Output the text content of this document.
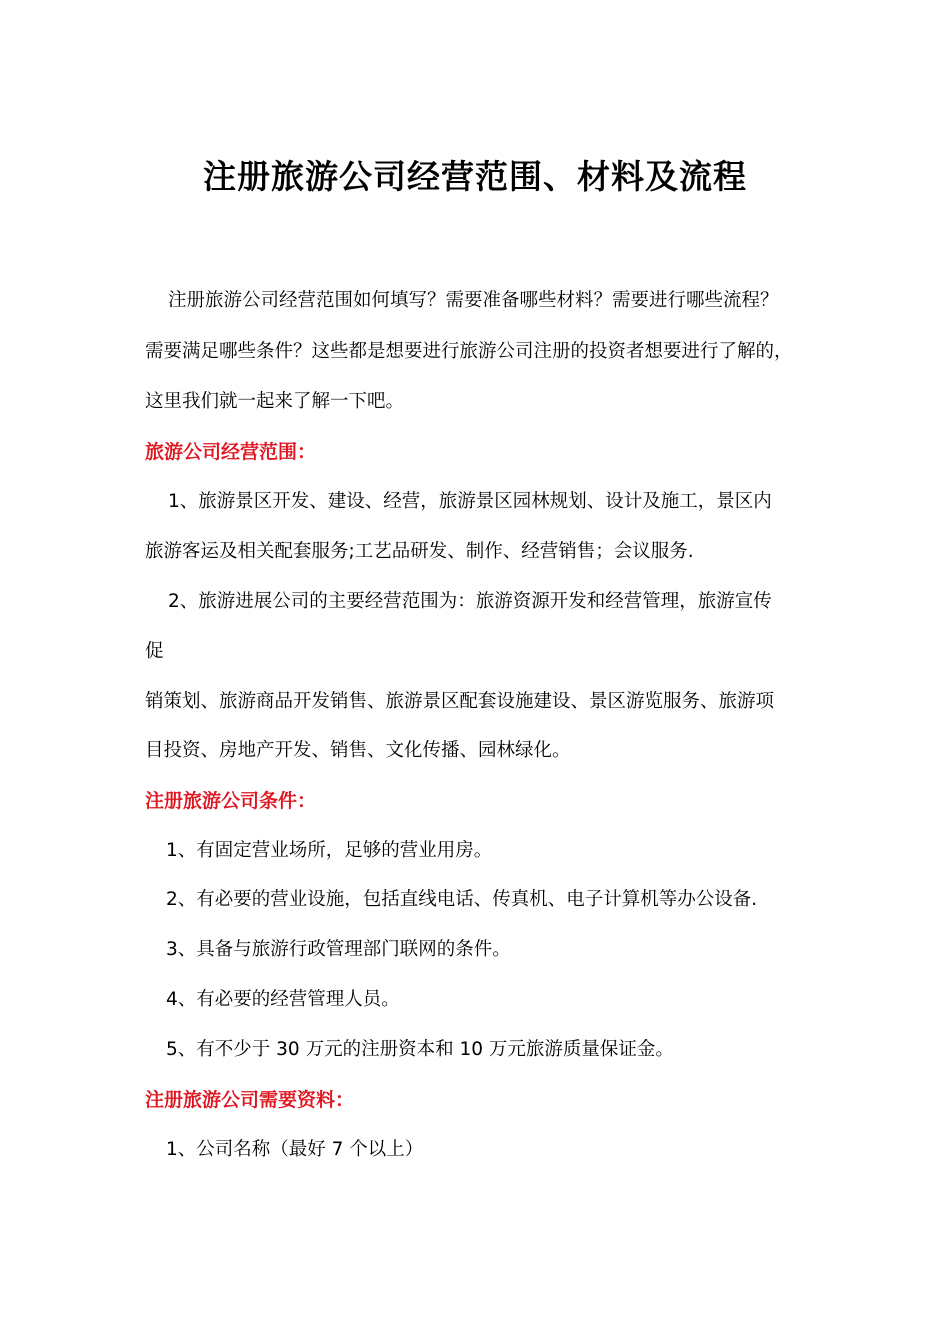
注册旅游公司经营范围、材料及流程
注册旅游公司经营范围如何填写？需要准备哪些材料？需要进行哪些流程？
需要满足哪些条件？这些都是想要进行旅游公司注册的投资者想要进行了解的，
这里我们就一起来了解一下吧。
旅游公司经营范围：
1、旅游景区开发、建设、经营，旅游景区园林规划、设计及施工，景区内
旅游客运及相关配套服务;工艺品研发、制作、经营销售；会议服务.
2、旅游进展公司的主要经营范围为：旅游资源开发和经营管理，旅游宣传
促
销策划、旅游商品开发销售、旅游景区配套设施建设、景区游览服务、旅游项
目投资、房地产开发、销售、文化传播、园林绿化。
注册旅游公司条件：
1、有固定营业场所，足够的营业用房。
2、有必要的营业设施，包括直线电话、传真机、电子计算机等办公设备.
3、具备与旅游行政管理部门联网的条件。
4、有必要的经营管理人员。
5、有不少于 30 万元的注册资本和 10 万元旅游质量保证金。
注册旅游公司需要资料：
1、公司名称（最好 7 个以上）
